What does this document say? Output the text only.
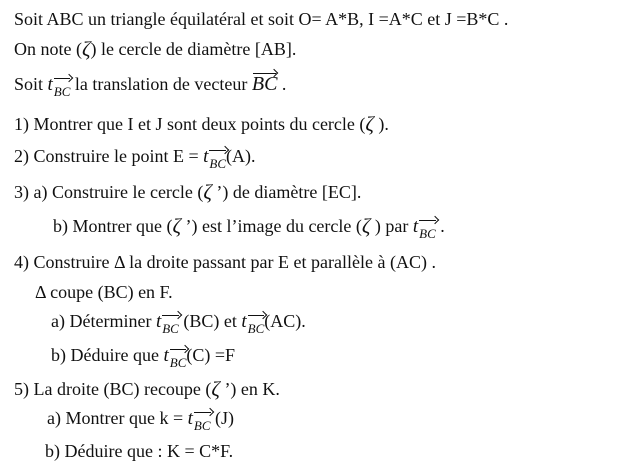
Soit ABC un triangle équilatéral et soit O= A*B, I =A*C et J =B*C .
On note (ζ) le cercle de diamètre [AB].
Soit tBC la translation de vecteur BC .
1) Montrer que I et J sont deux points du cercle (ζ ).
2) Construire le point E = tBC(A).
3) a) Construire le cercle (ζ ’) de diamètre [EC].
b) Montrer que (ζ ’) est l’image du cercle (ζ ) par tBC .
4) Construire Δ la droite passant par E et parallèle à (AC) .
Δ coupe (BC) en F.
a) Déterminer tBC (BC) et tBC(AC).
b) Déduire que tBC(C) =F
5) La droite (BC) recoupe (ζ ’) en K.
a) Montrer que k = tBC (J)
b) Déduire que : K = C*F.
